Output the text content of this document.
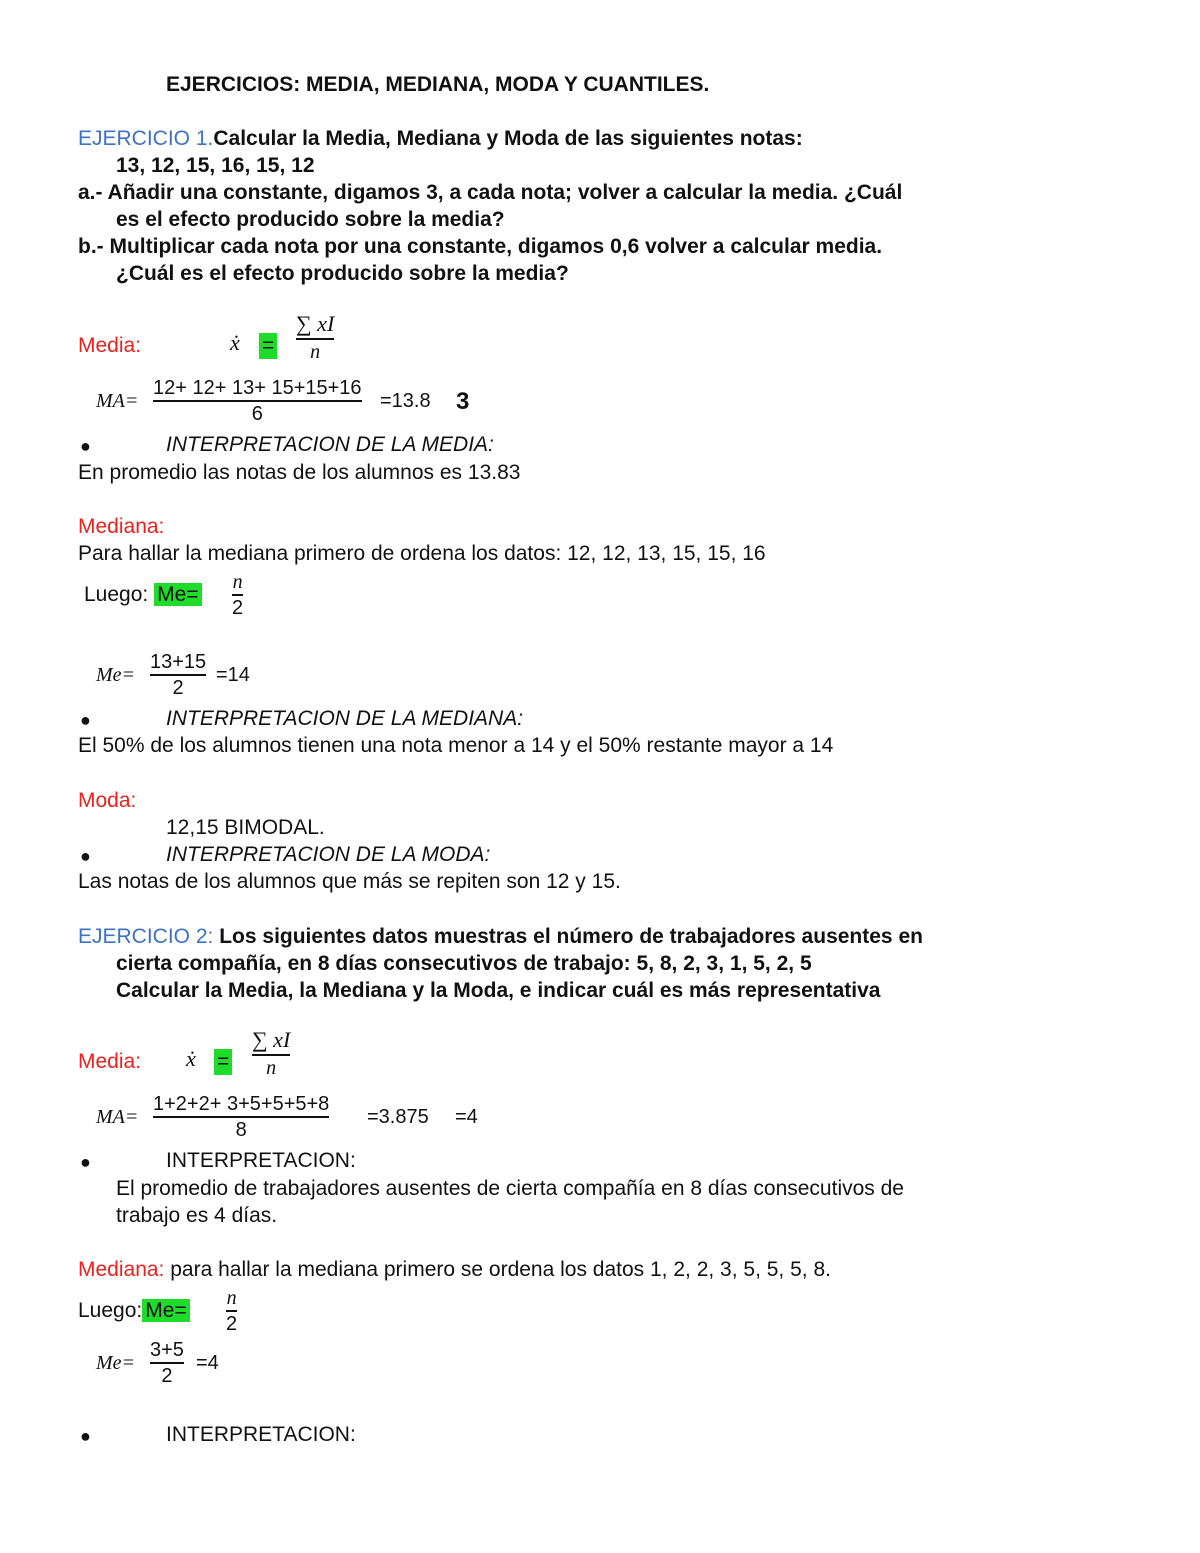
EJERCICIOS: MEDIA, MEDIANA, MODA Y CUANTILES.
EJERCICIO 1.Calcular la Media, Mediana y Moda de las siguientes notas:
13, 12, 15, 16, 15, 12
a.- Añadir una constante, digamos 3, a cada nota; volver a calcular la media. ¿Cuál
es el efecto producido sobre la media?
b.- Multiplicar cada nota por una constante, digamos 0,6 volver a calcular media.
¿Cuál es el efecto producido sobre la media?
Media:	ẋ =
∑ xI
n
MA=
12+ 12+ 13+ 15+15+16
6
=13.8 3
●	INTERPRETACION DE LA MEDIA:
En promedio las notas de los alumnos es 13.83
Mediana:
Para hallar la mediana primero de ordena los datos: 12, 12, 13, 15, 15, 16
Luego: Me=
n
2
Me=
13+15
2
=14
●	INTERPRETACION DE LA MEDIANA:
El 50% de los alumnos tienen una nota menor a 14 y el 50% restante mayor a 14
Moda:
12,15 BIMODAL.
●	INTERPRETACION DE LA MODA:
Las notas de los alumnos que más se repiten son 12 y 15.
EJERCICIO 2: Los siguientes datos muestras el número de trabajadores ausentes en
cierta compañía, en 8 días consecutivos de trabajo: 5, 8, 2, 3, 1, 5, 2, 5
Calcular la Media, la Mediana y la Moda, e indicar cuál es más representativa
Media: ẋ =
∑ xI
n
MA=
1+2+2+ 3+5+5+5+8
8
=3.875 =4
●	INTERPRETACION:
El promedio de trabajadores ausentes de cierta compañía en 8 días consecutivos de
trabajo es 4 días.
Mediana: para hallar la mediana primero se ordena los datos 1, 2, 2, 3, 5, 5, 5, 8.
Luego: Me=
n
2
Me=
3+5
2
=4
●	INTERPRETACION:
